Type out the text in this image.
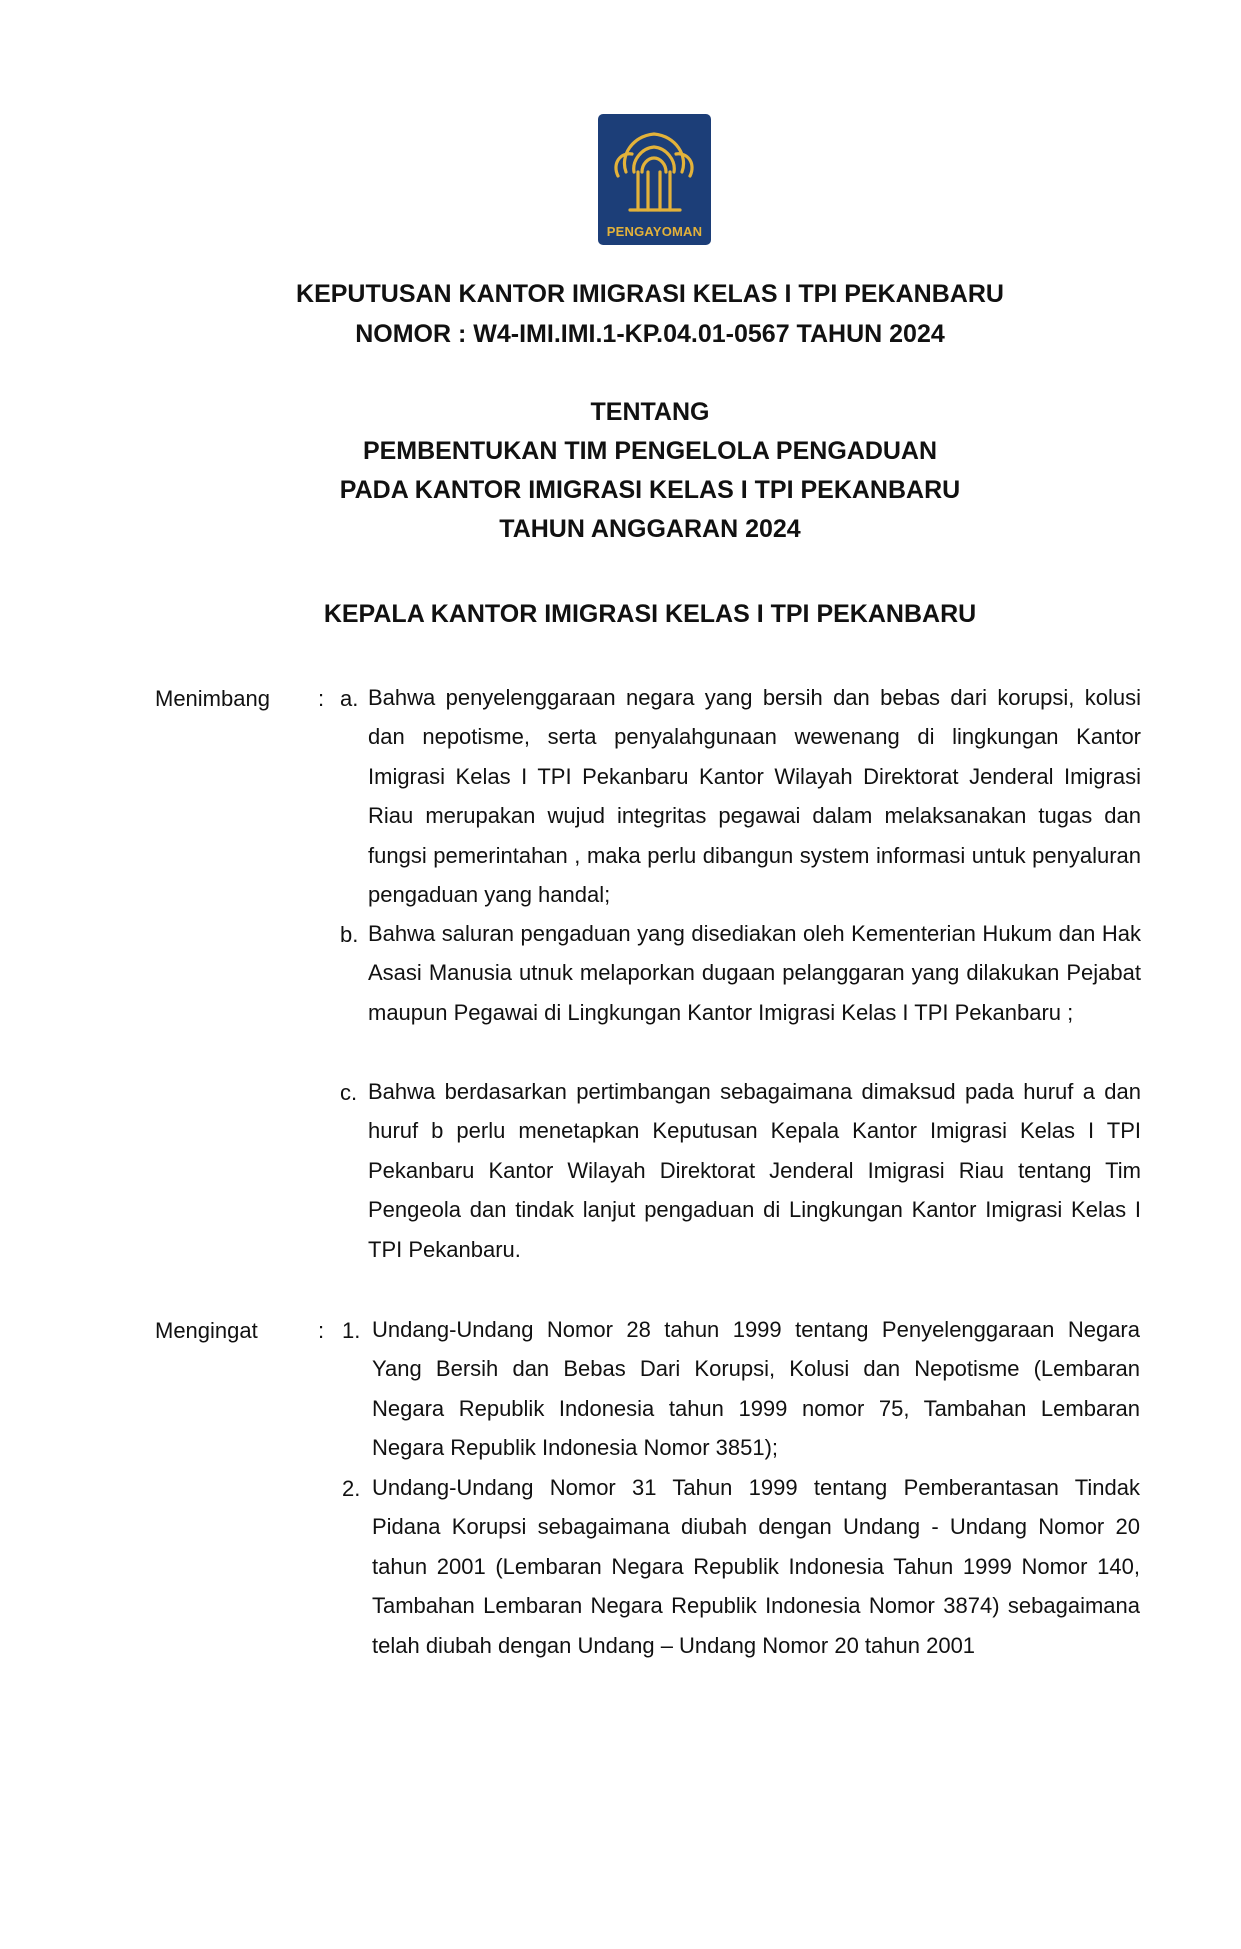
PENGAYOMAN
KEPUTUSAN KANTOR IMIGRASI KELAS I TPI PEKANBARU
NOMOR : W4-IMI.IMI.1-KP.04.01-0567 TAHUN 2024
TENTANG
PEMBENTUKAN TIM PENGELOLA PENGADUAN
PADA KANTOR IMIGRASI KELAS I TPI PEKANBARU
TAHUN ANGGARAN 2024
KEPALA KANTOR IMIGRASI KELAS I TPI PEKANBARU
Menimbang : a. Bahwa penyelenggaraan negara yang bersih dan bebas dari korupsi, kolusi dan nepotisme, serta penyalahgunaan wewenang di lingkungan Kantor Imigrasi Kelas I TPI Pekanbaru Kantor Wilayah Direktorat Jenderal Imigrasi Riau merupakan wujud integritas pegawai dalam melaksanakan tugas dan fungsi pemerintahan , maka perlu dibangun system informasi untuk penyaluran pengaduan yang handal;
b. Bahwa saluran pengaduan yang disediakan oleh Kementerian Hukum dan Hak Asasi Manusia utnuk melaporkan dugaan pelanggaran yang dilakukan Pejabat maupun Pegawai di Lingkungan Kantor Imigrasi Kelas I TPI Pekanbaru ;
c. Bahwa berdasarkan pertimbangan sebagaimana dimaksud pada huruf a dan huruf b perlu menetapkan Keputusan Kepala Kantor Imigrasi Kelas I TPI Pekanbaru Kantor Wilayah Direktorat Jenderal Imigrasi Riau tentang Tim Pengeola dan tindak lanjut pengaduan di Lingkungan Kantor Imigrasi Kelas I TPI Pekanbaru.
Mengingat	: 1. Undang-Undang Nomor 28 tahun 1999 tentang Penyelenggaraan Negara Yang Bersih dan Bebas Dari Korupsi, Kolusi dan Nepotisme (Lembaran Negara Republik Indonesia tahun 1999 nomor 75, Tambahan Lembaran Negara Republik Indonesia Nomor 3851);
2. Undang-Undang Nomor 31 Tahun 1999 tentang Pemberantasan Tindak Pidana Korupsi sebagaimana diubah dengan Undang - Undang Nomor 20 tahun 2001 (Lembaran Negara Republik Indonesia Tahun 1999 Nomor 140, Tambahan Lembaran Negara Republik Indonesia Nomor 3874) sebagaimana telah diubah dengan Undang – Undang Nomor 20 tahun 2001
